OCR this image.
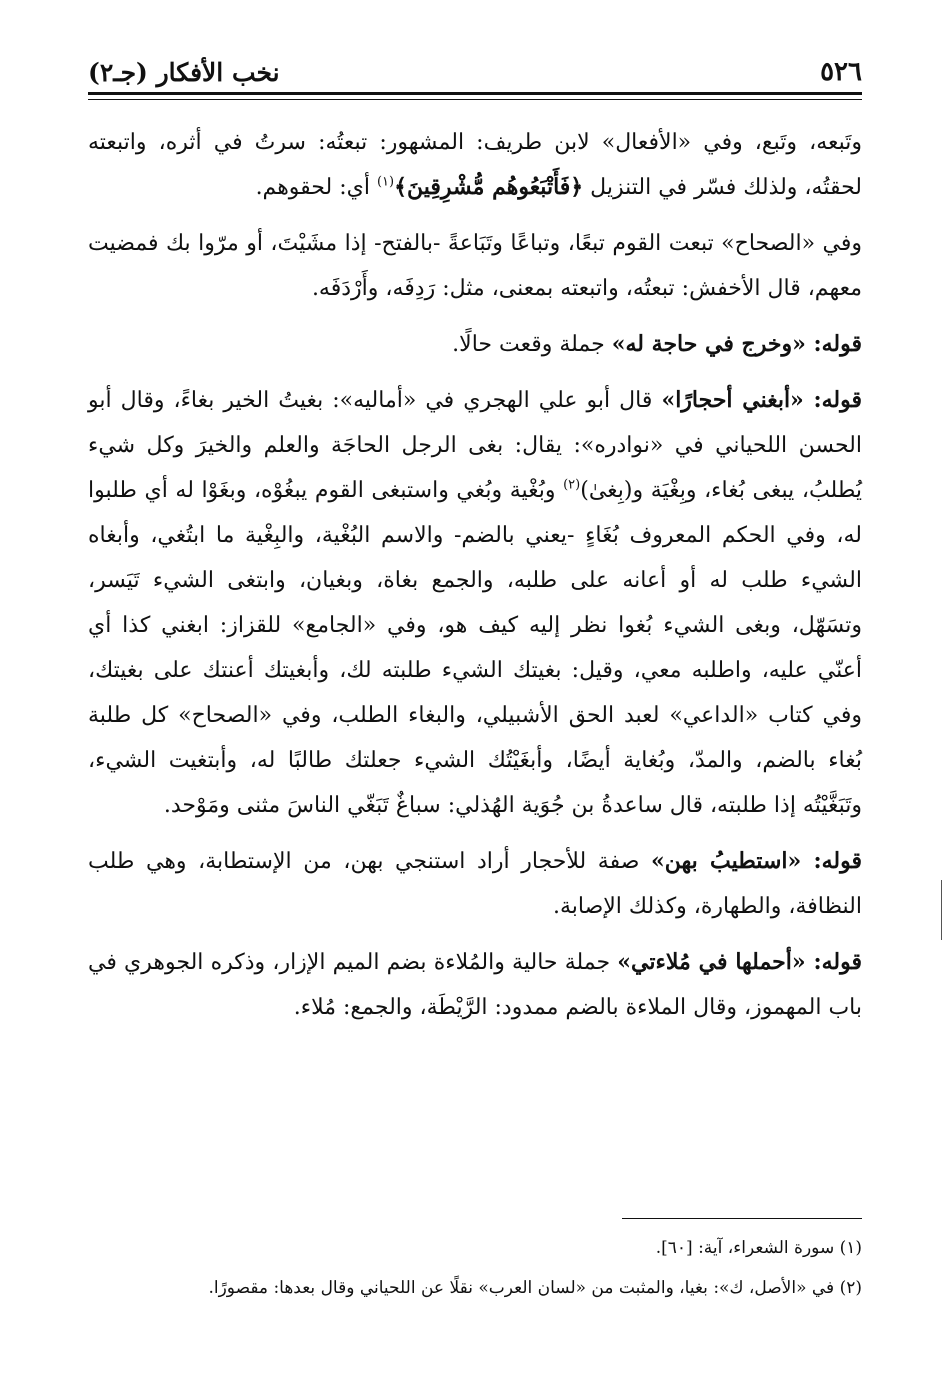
٥٢٦
نخب الأفكار (جـ٢)

وتَبعه، وتَبع، وفي «الأفعال» لابن طريف: المشهور: تبعتُه: سرتُ في أثره، واتبعته لحقتُه، ولذلك فسّر في التنزيل ﴿فَأَتْبَعُوهُم مُّشْرِقِينَ﴾$^{(١)}$ أي: لحقوهم.

وفي «الصحاح» تبعت القوم تبعًا، وتباعًا وتَبَاعةً -بالفتح- إذا مشَيْتَ، أو مرّوا بك فمضيت معهم، قال الأخفش: تبعتُه، واتبعته بمعنى، مثل: رَدِفَه، وأَرْدَفَه.

قوله: «وخرج في حاجة له» جملة وقعت حالًا.

قوله: «أبغني أحجارًا» قال أبو علي الهجري في «أماليه»: بغيتُ الخير بغاءً، وقال أبو الحسن اللحياني في «نوادره»: يقال: بغى الرجل الحاجَة والعلم والخيرَ وكل شيء يُطلبُ، يبغى بُغاء، وبِغْيَة و(بِغىٰ)$^{(٢)}$ وبُغْية وبُغي واستبغى القوم يبغُوْه، وبغَوْا له أي طلبوا له، وفي الحكم المعروف بُغَاءٍ -يعني بالضم- والاسم البُغْية، والبِغْية ما ابتُغي، وأبغاه الشيء طلب له أو أعانه على طلبه، والجمع بغاة، وبغيان، وابتغى الشيء تَيَسر، وتسَهّل، وبغى الشيء بُغوا نظر إليه كيف هو، وفي «الجامع» للقزاز: ابغني كذا أي أعنّي عليه، واطلبه معي، وقيل: بغيتك الشيء طلبته لك، وأبغيتك أعنتك على بغيتك، وفي كتاب «الداعي» لعبد الحق الأشبيلي، والبغاء الطلب، وفي «الصحاح» كل طلبة بُغاء بالضم، والمدّ، وبُغاية أيضًا، وأبغَيْتُك الشيء جعلتك طالبًا له، وأبتغيت الشيء، وتَبَغَّيْتُه إذا طلبته، قال ساعدةُ بن جُوَية الهُذلي: سباغٌ تَبَغّي الناسَ مثنى ومَوْحد.

قوله: «استطيبُ بهن» صفة للأحجار أراد استنجي بهن، من الإستطابة، وهي طلب النظافة، والطهارة، وكذلك الإصابة.

قوله: «أحملها في مُلاءتي» جملة حالية والمُلاءة بضم الميم الإزار، وذكره الجوهري في باب المهموز، وقال الملاءة بالضم ممدود: الرَّيْطَة، والجمع: مُلاء.

(١) سورة الشعراء، آية: [٦٠].

(٢) في «الأصل، ك»: بغيا، والمثبت من «لسان العرب» نقلًا عن اللحياني وقال بعدها: مقصورًا.
